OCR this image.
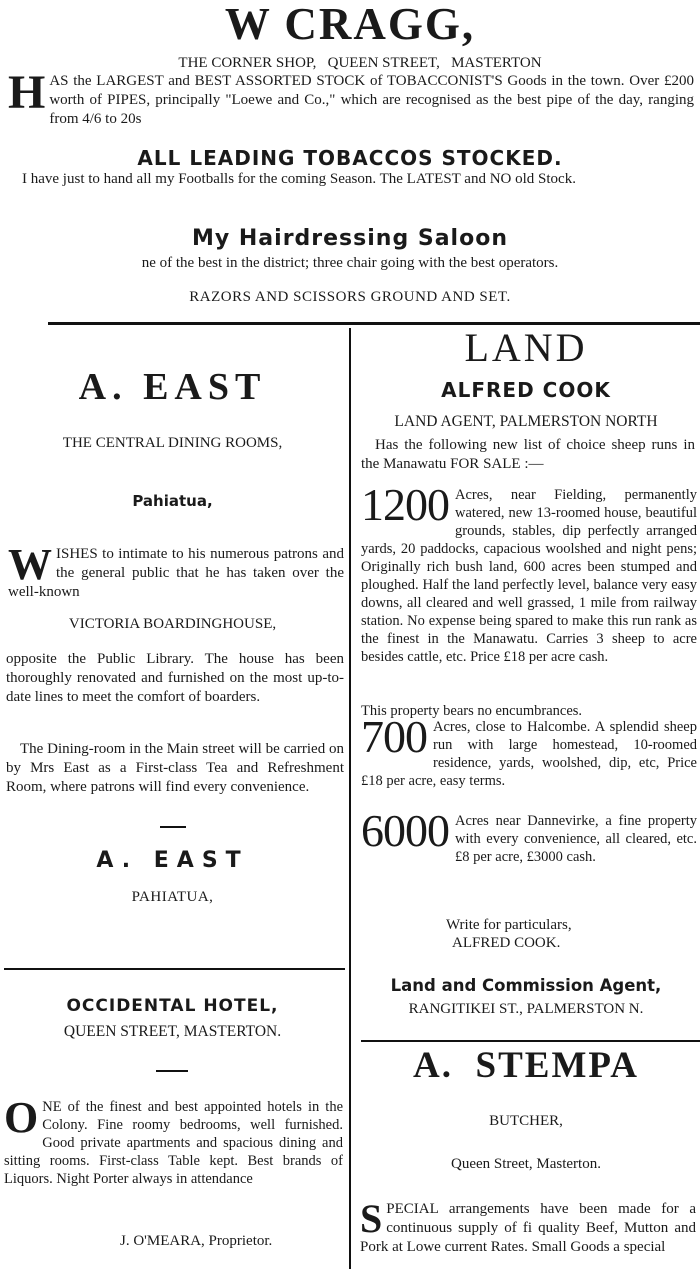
W CRAGG,
THE CORNER SHOP,   QUEEN STREET,   MASTERTON
H AS the LARGEST and BEST ASSORTED STOCK of TOBACCONIST'S Goods in the town. Over £200 worth of PIPES, principally "Loewe and Co.," which are recognised as the best pipe of the day, ranging from 4/6 to 20s
ALL LEADING TOBACCOS STOCKED.
I have just to hand all my Footballs for the coming Season. The LATEST and NO old Stock.
My Hairdressing Saloon
ne of the best in the district; three chair going with the best operators.
RAZORS AND SCISSORS GROUND AND SET.
A. EAST
THE CENTRAL DINING ROOMS,
Pahiatua,
W ISHES to intimate to his numerous patrons and the general public that he has taken over the well-known
VICTORIA BOARDINGHOUSE,
opposite the Public Library. The house has been thoroughly renovated and furnished on the most up-to-date lines to meet the comfort of boarders.
The Dining-room in the Main street will be carried on by Mrs East as a First-class Tea and Refreshment Room, where patrons will find every convenience.
A. EAST
PAHIATUA,
OCCIDENTAL HOTEL,
QUEEN STREET, MASTERTON.
O NE of the finest and best appointed hotels in the Colony. Fine roomy bedrooms, well furnished. Good private apartments and spacious dining and sitting rooms. First-class Table kept. Best brands of Liquors. Night Porter always in attendance
J. O'MEARA, Proprietor.
LAND
ALFRED COOK
LAND AGENT, PALMERSTON NORTH
Has the following new list of choice sheep runs in the Manawatu FOR SALE :—
1200 Acres, near Fielding, permanently watered, new 13-roomed house, beautiful grounds, stables, dip perfectly arranged yards, 20 paddocks, capacious woolshed and night pens; Originally rich bush land, 600 acres been stumped and ploughed. Half the land perfectly level, balance very easy downs, all cleared and well grassed, 1 mile from railway station. No expense being spared to make this run rank as the finest in the Manawatu. Carries 3 sheep to acre besides cattle, etc. Price £18 per acre cash.
This property bears no encumbrances.
700 Acres, close to Halcombe. A splendid sheep run with large homestead, 10-roomed residence, yards, woolshed, dip, etc, Price £18 per acre, easy terms.
6000 Acres near Dannevirke, a fine property with every convenience, all cleared, etc. £8 per acre, £3000 cash.
Write for particulars,
ALFRED COOK.
Land and Commission Agent,
RANGITIKEI ST., PALMERSTON N.
A.  STEMPA
BUTCHER,
Queen Street, Masterton.
S PECIAL arrangements have been made for a continuous supply of fi quality Beef, Mutton and Pork at Lowe current Rates. Small Goods a special
